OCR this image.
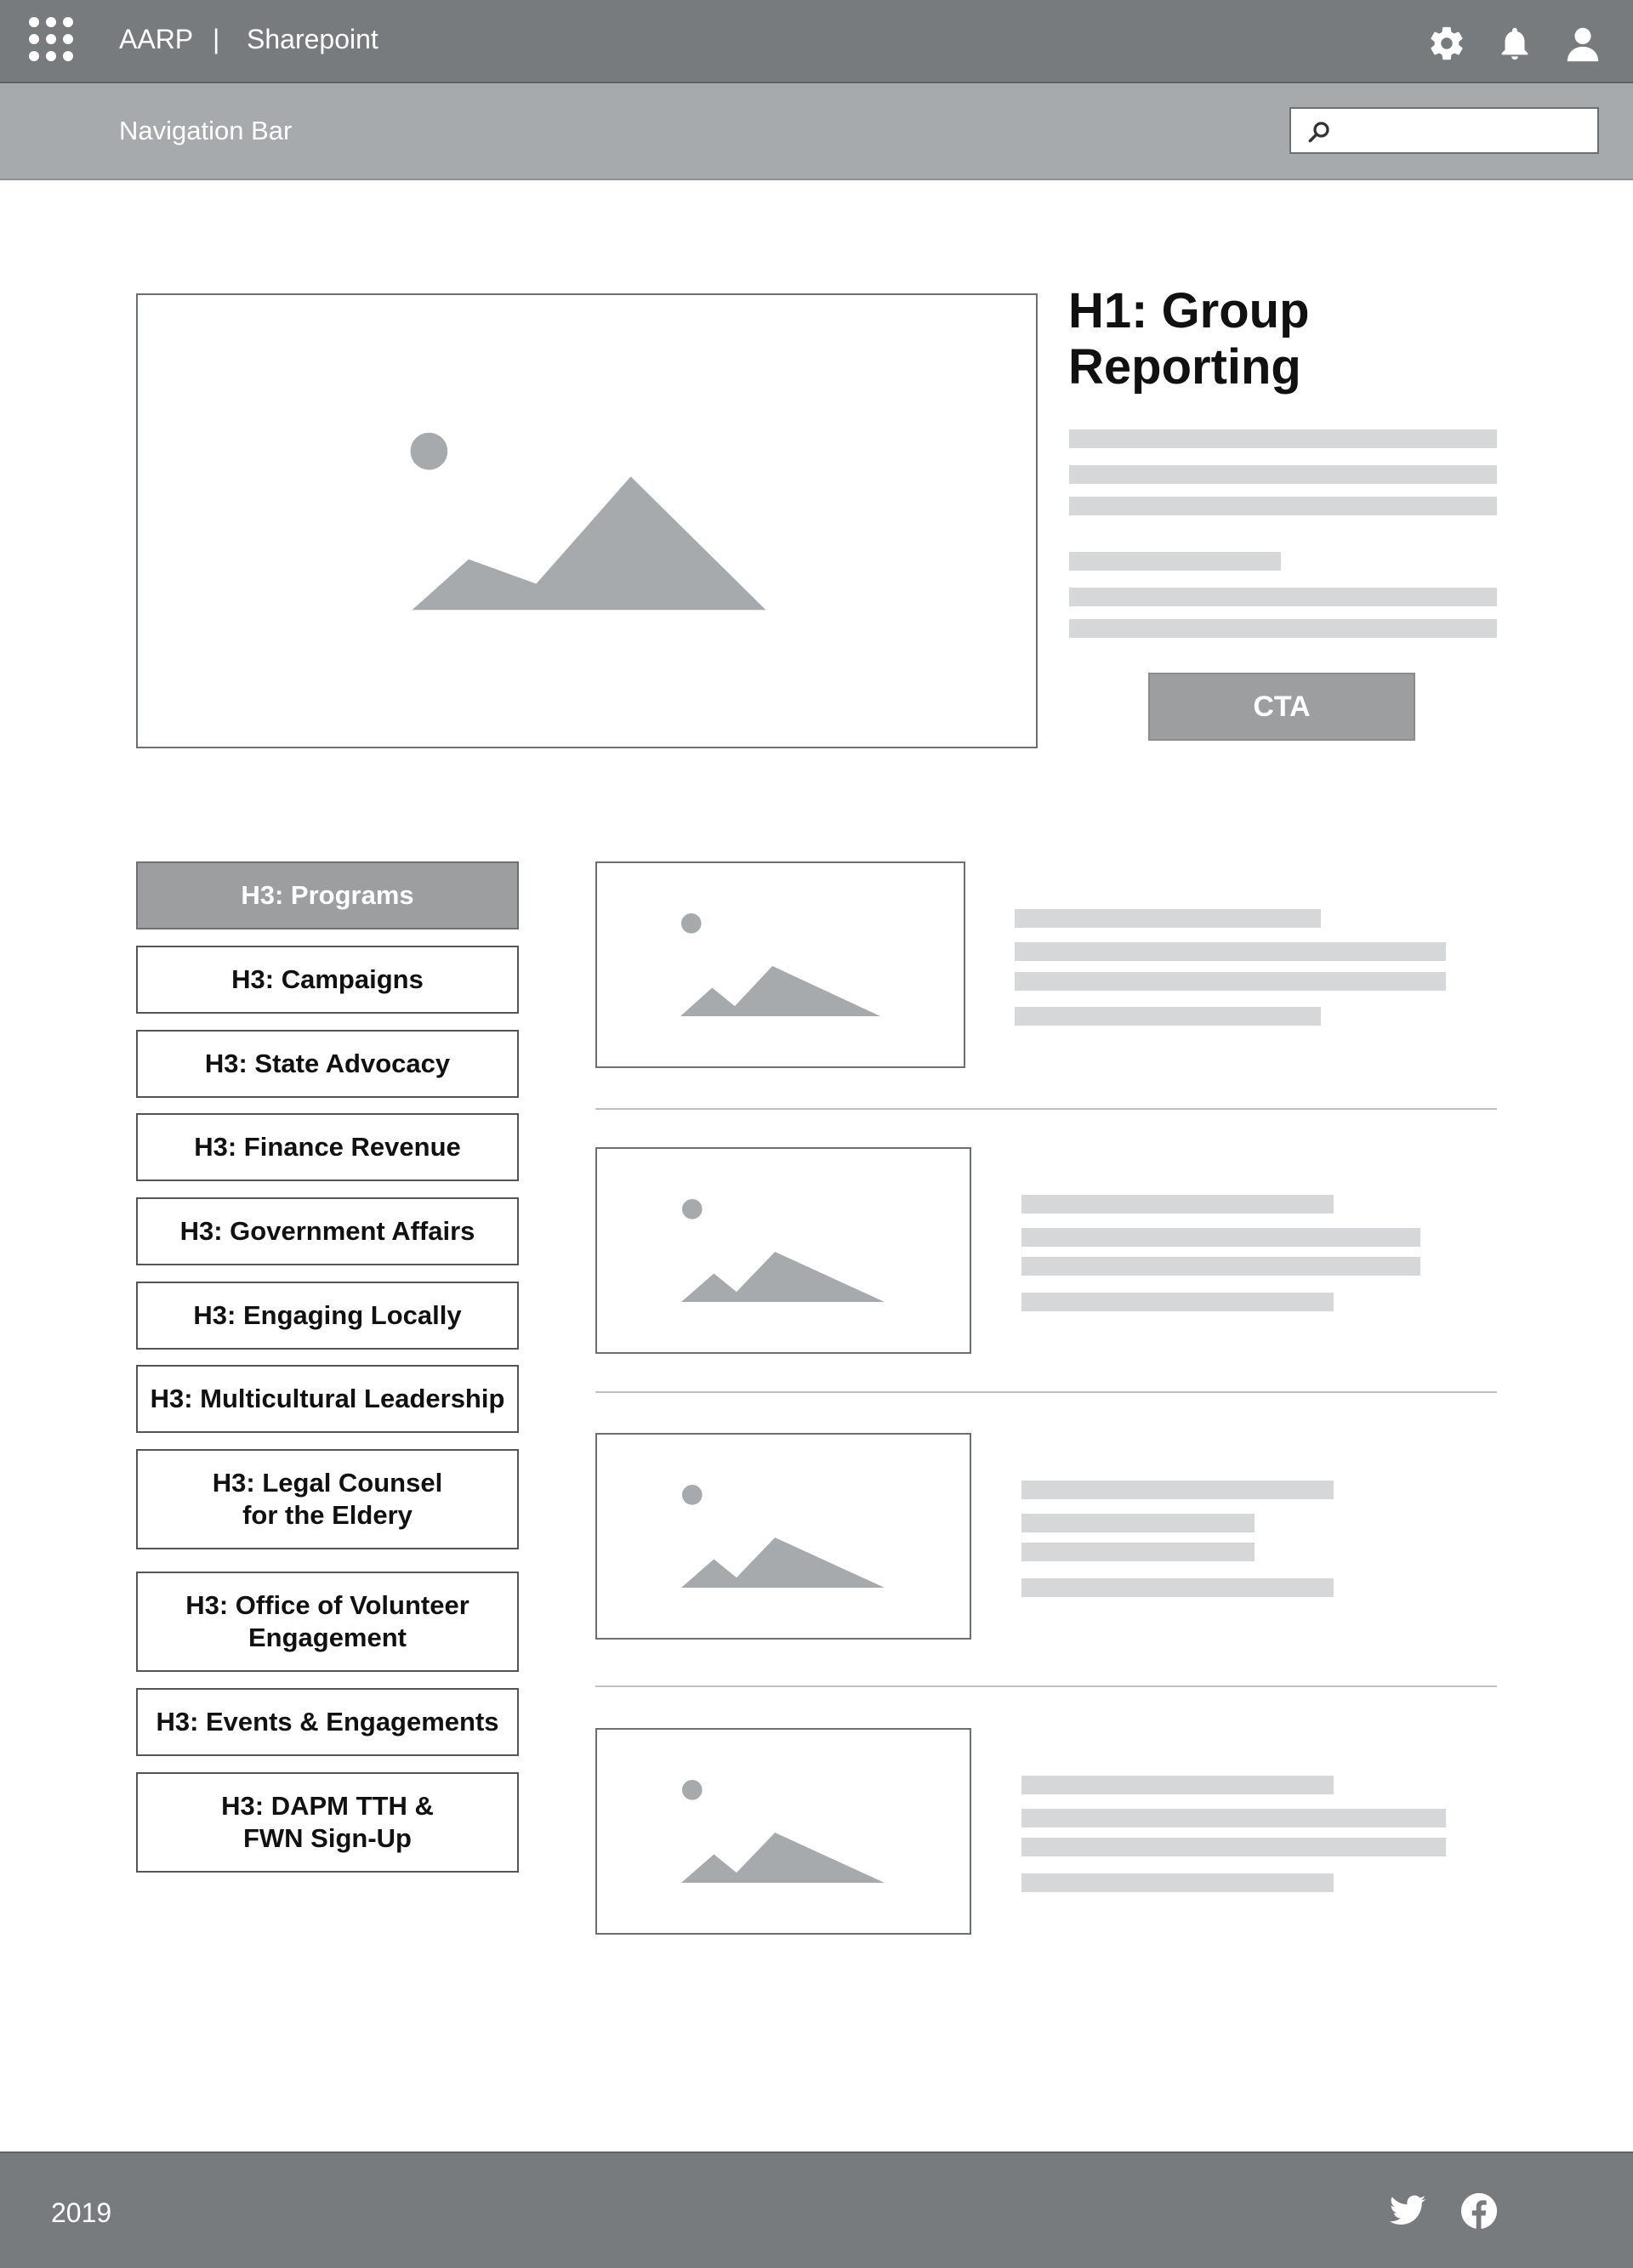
AARP | Sharepoint
Navigation Bar
H1: Group Reporting
CTA
H3: Programs
H3: Campaigns
H3: State Advocacy
H3: Finance Revenue
H3: Government Affairs
H3: Engaging Locally
H3: Multicultural Leadership
H3: Legal Counsel
for the Eldery
H3: Office of Volunteer
Engagement
H3: Events & Engagements
H3: DAPM TTH &
FWN Sign-Up
2019
